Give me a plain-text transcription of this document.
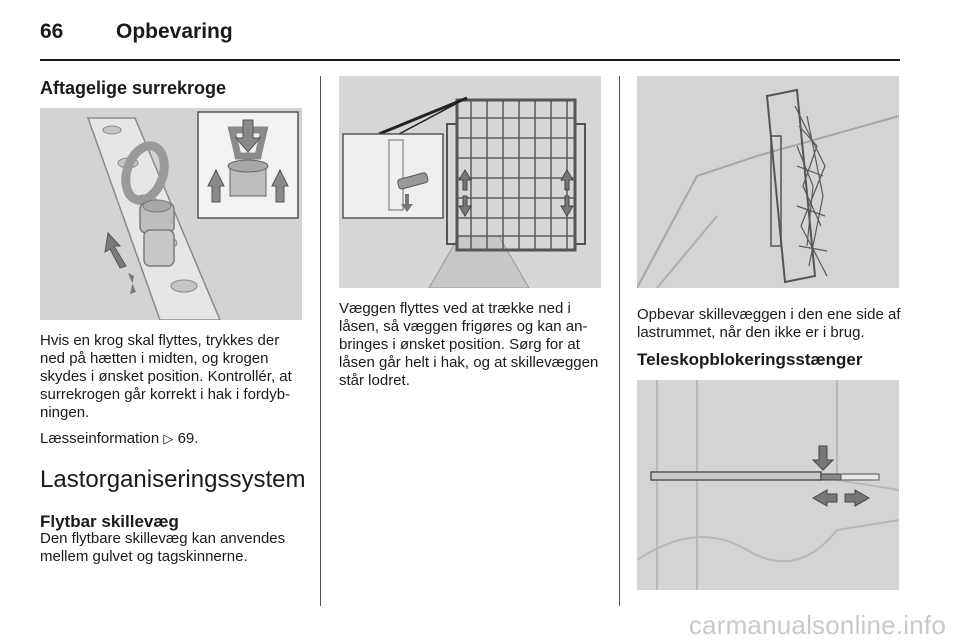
66	Opbevaring
Aftagelige surrekroge
Hvis en krog skal flyttes, trykkes der ned på hætten i midten, og krogen skydes i ønsket position. Kontrollér, at surrekrogen går korrekt i hak i fordybningen.
Læsseinformation ▷ 69.
Lastorganiseringssystem
Flytbar skillevæg
Den flytbare skillevæg kan anvendes mellem gulvet og tagskinnerne.
Væggen flyttes ved at trække ned i låsen, så væggen frigøres og kan anbringes i ønsket position. Sørg for at låsen går helt i hak, og at skillevæggen står lodret.
Opbevar skillevæggen i den ene side af lastrummet, når den ikke er i brug.
Teleskopblokeringsstænger
carmanualsonline.info
